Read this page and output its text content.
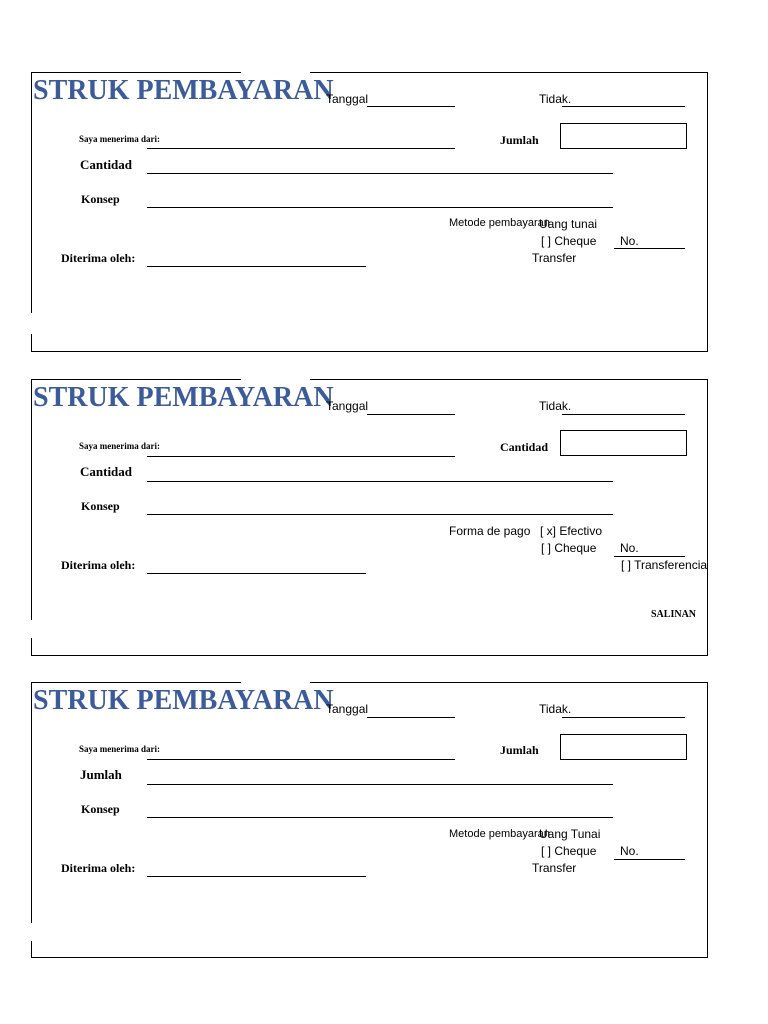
STRUK PEMBAYARAN
Tanggal	Tidak.
Saya menerima dari:	Jumlah
Cantidad
Konsep
Metode pembayaran
Uang tunai
[ ] Cheque No.
Transfer
Diterima oleh:
STRUK PEMBAYARAN
Tanggal	Tidak.
Saya menerima dari:	Cantidad
Cantidad
Konsep
Forma de pago [ x] Efectivo
[ ] Cheque No.
[ ] Transferencia
Diterima oleh:
SALINAN
STRUK PEMBAYARAN
Tanggal	Tidak.
Saya menerima dari:	Jumlah
Jumlah
Konsep
Metode pembayaran
Uang Tunai
[ ] Cheque No.
Transfer
Diterima oleh:
